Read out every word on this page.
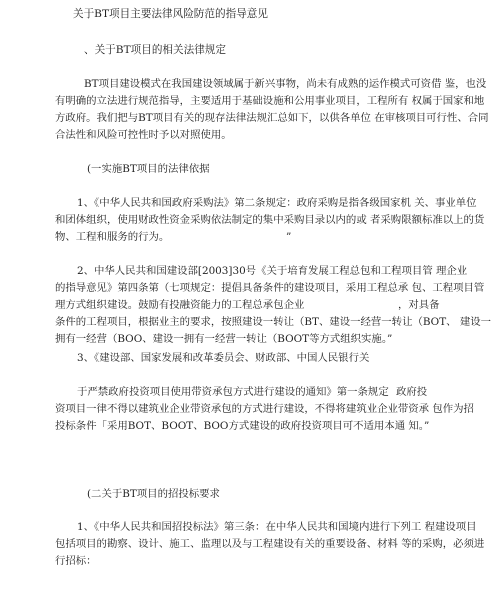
关于BT项目主要法律风险防范的指导意见
、关于BT项目的相关法律规定
BT项目建设模式在我国建设领域属于新兴事物，尚未有成熟的运作模式可资借 鉴，也没
有明确的立法进行规范指导，主要适用于基础设施和公用事业项目，工程所有 权属于国家和地
方政府。我们把与BT项目有关的现存法律法规汇总如下，以供各单位 在审核项目可行性、合同
合法性和风险可控性时予以对照使用。
(一实施BT项目的法律依据
1、《中华人民共和国政府采购法》第二条规定：政府采购是指各级国家机 关、事业单位
和团体组织，使用财政性资金采购依法制定的集中采购目录以内的或 者采购限额标准以上的货
物、工程和服务的行为。	”
2、中华人民共和国建设部[2003]30号《关于培育发展工程总包和工程项目管 理企业
的指导意见》第四条第（七项规定：提倡具备条件的建设项目，采用工程总承 包、工程项目管
理方式组织建设。鼓励有投融资能力的工程总承包企业	，对具备
条件的工程项目，根据业主的要求，按照建设一转让（BT、建设一经营一转让（BOT、 建设一
拥有一经营（BOO、建设一拥有一经营一转让（BOOT等方式组织实施。”
3、《建设部、国家发展和改革委员会、财政部、中国人民银行关
于严禁政府投资项目使用带资承包方式进行建设的通知》第一条规定 政府投
资项目一律不得以建筑业企业带资承包的方式进行建设，不得将建筑业企业带资承 包作为招
投标条件「采用BOT、BOOT、BOO方式建设的政府投资项目可不适用本通 知。”
(二关于BT项目的招投标要求
1、《中华人民共和国招投标法》第三条：在中华人民共和国境内进行下列工 程建设项目
包括项目的勘察、设计、施工、监理以及与工程建设有关的重要设备、材料 等的采购，必须进
行招标：
